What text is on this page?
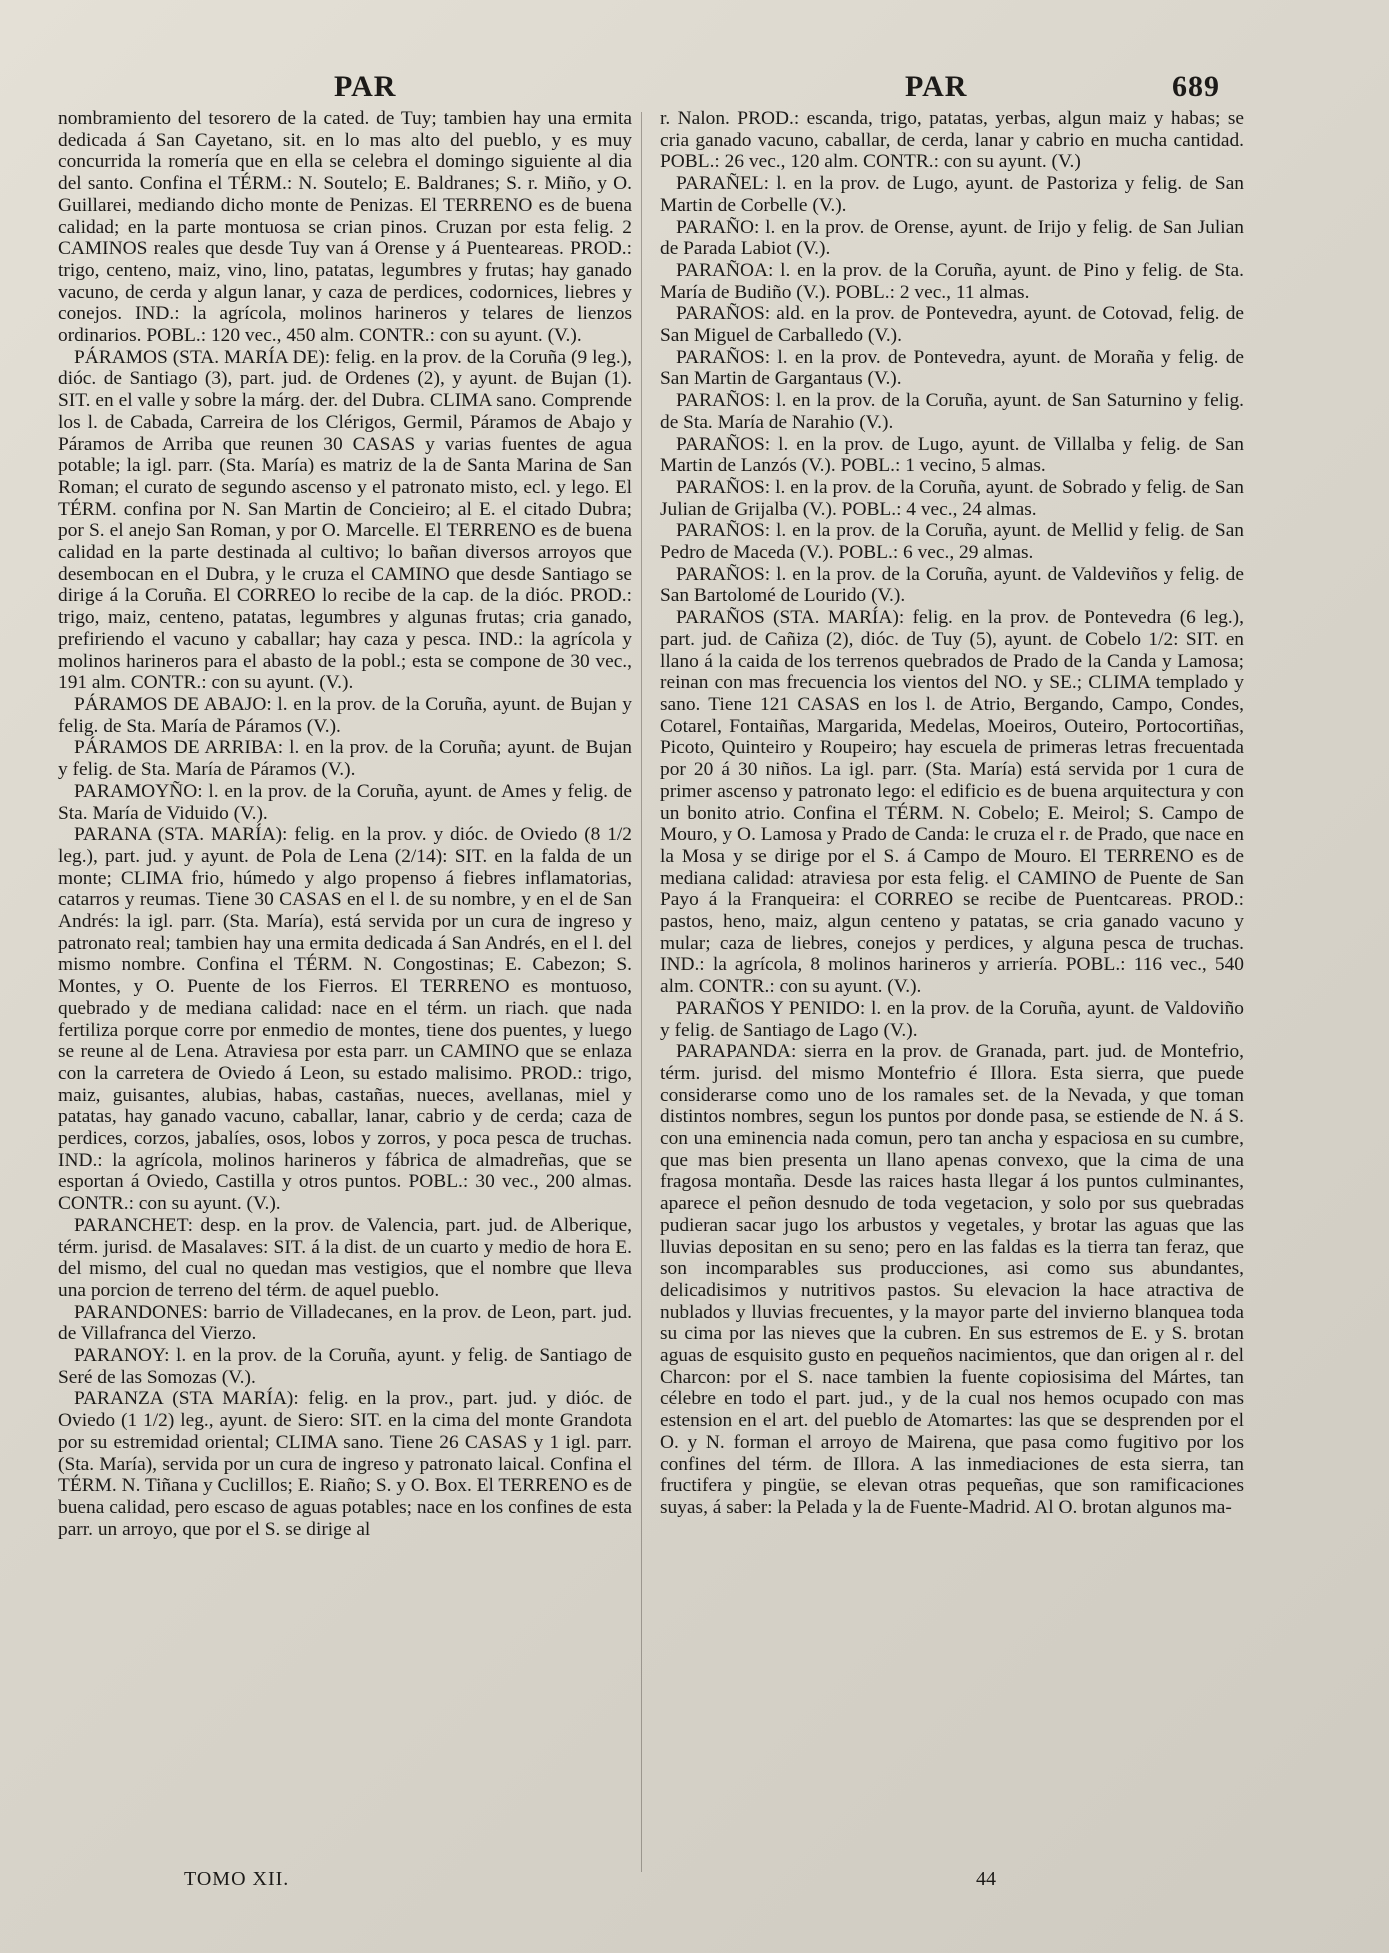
PAR	PAR	689

nombramiento del tesorero de la cated. de Tuy; tambien hay una ermita dedicada á San Cayetano, sit. en lo mas alto del pueblo, y es muy concurrida la romería que en ella se celebra el domingo siguiente al dia del santo. Confina el TÉRM.: N. Soutelo; E. Baldranes; S. r. Miño, y O. Guillarei, mediando dicho monte de Penizas. El TERRENO es de buena calidad; en la parte montuosa se crian pinos. Cruzan por esta felig. 2 CAMINOS reales que desde Tuy van á Orense y á Puenteareas. PROD.: trigo, centeno, maiz, vino, lino, patatas, legumbres y frutas; hay ganado vacuno, de cerda y algun lanar, y caza de perdices, codornices, liebres y conejos. IND.: la agrícola, molinos harineros y telares de lienzos ordinarios. POBL.: 120 vec., 450 alm. CONTR.: con su ayunt. (V.).

PÁRAMOS (STA. MARÍA DE): felig. en la prov. de la Coruña (9 leg.), dióc. de Santiago (3), part. jud. de Ordenes (2), y ayunt. de Bujan (1). SIT. en el valle y sobre la márg. der. del Dubra. CLIMA sano. Comprende los l. de Cabada, Carreira de los Clérigos, Germil, Páramos de Abajo y Páramos de Arriba que reunen 30 CASAS y varias fuentes de agua potable; la igl. parr. (Sta. María) es matriz de la de Santa Marina de San Roman; el curato de segundo ascenso y el patronato misto, ecl. y lego. El TÉRM. confina por N. San Martin de Concieiro; al E. el citado Dubra; por S. el anejo San Roman, y por O. Marcelle. El TERRENO es de buena calidad en la parte destinada al cultivo; lo bañan diversos arroyos que desembocan en el Dubra, y le cruza el CAMINO que desde Santiago se dirige á la Coruña. El CORREO lo recibe de la cap. de la dióc. PROD.: trigo, maiz, centeno, patatas, legumbres y algunas frutas; cria ganado, prefiriendo el vacuno y caballar; hay caza y pesca. IND.: la agrícola y molinos harineros para el abasto de la pobl.; esta se compone de 30 vec., 191 alm. CONTR.: con su ayunt. (V.).

PÁRAMOS DE ABAJO: l. en la prov. de la Coruña, ayunt. de Bujan y felig. de Sta. María de Páramos (V.).

PÁRAMOS DE ARRIBA: l. en la prov. de la Coruña; ayunt. de Bujan y felig. de Sta. María de Páramos (V.).

PARAMOYÑO: l. en la prov. de la Coruña, ayunt. de Ames y felig. de Sta. María de Viduido (V.).

PARANA (STA. MARÍA): felig. en la prov. y dióc. de Oviedo (8 1/2 leg.), part. jud. y ayunt. de Pola de Lena (2/14): SIT. en la falda de un monte; CLIMA frio, húmedo y algo propenso á fiebres inflamatorias, catarros y reumas. Tiene 30 CASAS en el l. de su nombre, y en el de San Andrés: la igl. parr. (Sta. María), está servida por un cura de ingreso y patronato real; tambien hay una ermita dedicada á San Andrés, en el l. del mismo nombre. Confina el TÉRM. N. Congostinas; E. Cabezon; S. Montes, y O. Puente de los Fierros. El TERRENO es montuoso, quebrado y de mediana calidad: nace en el térm. un riach. que nada fertiliza porque corre por enmedio de montes, tiene dos puentes, y luego se reune al de Lena. Atraviesa por esta parr. un CAMINO que se enlaza con la carretera de Oviedo á Leon, su estado malisimo. PROD.: trigo, maiz, guisantes, alubias, habas, castañas, nueces, avellanas, miel y patatas, hay ganado vacuno, caballar, lanar, cabrio y de cerda; caza de perdices, corzos, jabalíes, osos, lobos y zorros, y poca pesca de truchas. IND.: la agrícola, molinos harineros y fábrica de almadreñas, que se esportan á Oviedo, Castilla y otros puntos. POBL.: 30 vec., 200 almas. CONTR.: con su ayunt. (V.).

PARANCHET: desp. en la prov. de Valencia, part. jud. de Alberique, térm. jurisd. de Masalaves: SIT. á la dist. de un cuarto y medio de hora E. del mismo, del cual no quedan mas vestigios, que el nombre que lleva una porcion de terreno del térm. de aquel pueblo.

PARANDONES: barrio de Villadecanes, en la prov. de Leon, part. jud. de Villafranca del Vierzo.

PARANOY: l. en la prov. de la Coruña, ayunt. y felig. de Santiago de Seré de las Somozas (V.).

PARANZA (STA MARÍA): felig. en la prov., part. jud. y dióc. de Oviedo (1 1/2) leg., ayunt. de Siero: SIT. en la cima del monte Grandota por su estremidad oriental; CLIMA sano. Tiene 26 CASAS y 1 igl. parr. (Sta. María), servida por un cura de ingreso y patronato laical. Confina el TÉRM. N. Tiñana y Cuclillos; E. Riaño; S. y O. Box. El TERRENO es de buena calidad, pero escaso de aguas potables; nace en los confines de esta parr. un arroyo, que por el S. se dirige al

r. Nalon. PROD.: escanda, trigo, patatas, yerbas, algun maiz y habas; se cria ganado vacuno, caballar, de cerda, lanar y cabrio en mucha cantidad. POBL.: 26 vec., 120 alm. CONTR.: con su ayunt. (V.)

PARAÑEL: l. en la prov. de Lugo, ayunt. de Pastoriza y felig. de San Martin de Corbelle (V.).

PARAÑO: l. en la prov. de Orense, ayunt. de Irijo y felig. de San Julian de Parada Labiot (V.).

PARAÑOA: l. en la prov. de la Coruña, ayunt. de Pino y felig. de Sta. María de Budiño (V.). POBL.: 2 vec., 11 almas.

PARAÑOS: ald. en la prov. de Pontevedra, ayunt. de Cotovad, felig. de San Miguel de Carballedo (V.).

PARAÑOS: l. en la prov. de Pontevedra, ayunt. de Moraña y felig. de San Martin de Gargantaus (V.).

PARAÑOS: l. en la prov. de la Coruña, ayunt. de San Saturnino y felig. de Sta. María de Narahio (V.).

PARAÑOS: l. en la prov. de Lugo, ayunt. de Villalba y felig. de San Martin de Lanzós (V.). POBL.: 1 vecino, 5 almas.

PARAÑOS: l. en la prov. de la Coruña, ayunt. de Sobrado y felig. de San Julian de Grijalba (V.). POBL.: 4 vec., 24 almas.

PARAÑOS: l. en la prov. de la Coruña, ayunt. de Mellid y felig. de San Pedro de Maceda (V.). POBL.: 6 vec., 29 almas.

PARAÑOS: l. en la prov. de la Coruña, ayunt. de Valdeviños y felig. de San Bartolomé de Lourido (V.).

PARAÑOS (STA. MARÍA): felig. en la prov. de Pontevedra (6 leg.), part. jud. de Cañiza (2), dióc. de Tuy (5), ayunt. de Cobelo 1/2: SIT. en llano á la caida de los terrenos quebrados de Prado de la Canda y Lamosa; reinan con mas frecuencia los vientos del NO. y SE.; CLIMA templado y sano. Tiene 121 CASAS en los l. de Atrio, Bergando, Campo, Condes, Cotarel, Fontaiñas, Margarida, Medelas, Moeiros, Outeiro, Portocortiñas, Picoto, Quinteiro y Roupeiro; hay escuela de primeras letras frecuentada por 20 á 30 niños. La igl. parr. (Sta. María) está servida por 1 cura de primer ascenso y patronato lego: el edificio es de buena arquitectura y con un bonito atrio. Confina el TÉRM. N. Cobelo; E. Meirol; S. Campo de Mouro, y O. Lamosa y Prado de Canda: le cruza el r. de Prado, que nace en la Mosa y se dirige por el S. á Campo de Mouro. El TERRENO es de mediana calidad: atraviesa por esta felig. el CAMINO de Puente de San Payo á la Franqueira: el CORREO se recibe de Puentcareas. PROD.: pastos, heno, maiz, algun centeno y patatas, se cria ganado vacuno y mular; caza de liebres, conejos y perdices, y alguna pesca de truchas. IND.: la agrícola, 8 molinos harineros y arriería. POBL.: 116 vec., 540 alm. CONTR.: con su ayunt. (V.).

PARAÑOS Y PENIDO: l. en la prov. de la Coruña, ayunt. de Valdoviño y felig. de Santiago de Lago (V.).

PARAPANDA: sierra en la prov. de Granada, part. jud. de Montefrio, térm. jurisd. del mismo Montefrio é Illora. Esta sierra, que puede considerarse como uno de los ramales set. de la Nevada, y que toman distintos nombres, segun los puntos por donde pasa, se estiende de N. á S. con una eminencia nada comun, pero tan ancha y espaciosa en su cumbre, que mas bien presenta un llano apenas convexo, que la cima de una fragosa montaña. Desde las raices hasta llegar á los puntos culminantes, aparece el peñon desnudo de toda vegetacion, y solo por sus quebradas pudieran sacar jugo los arbustos y vegetales, y brotar las aguas que las lluvias depositan en su seno; pero en las faldas es la tierra tan feraz, que son incomparables sus producciones, asi como sus abundantes, delicadisimos y nutritivos pastos. Su elevacion la hace atractiva de nublados y lluvias frecuentes, y la mayor parte del invierno blanquea toda su cima por las nieves que la cubren. En sus estremos de E. y S. brotan aguas de esquisito gusto en pequeños nacimientos, que dan origen al r. del Charcon: por el S. nace tambien la fuente copiosisima del Mártes, tan célebre en todo el part. jud., y de la cual nos hemos ocupado con mas estension en el art. del pueblo de Atomartes: las que se desprenden por el O. y N. forman el arroyo de Mairena, que pasa como fugitivo por los confines del térm. de Illora. A las inmediaciones de esta sierra, tan fructifera y pingüe, se elevan otras pequeñas, que son ramificaciones suyas, á saber: la Pelada y la de Fuente-Madrid. Al O. brotan algunos ma-

TOMO XII.	44
